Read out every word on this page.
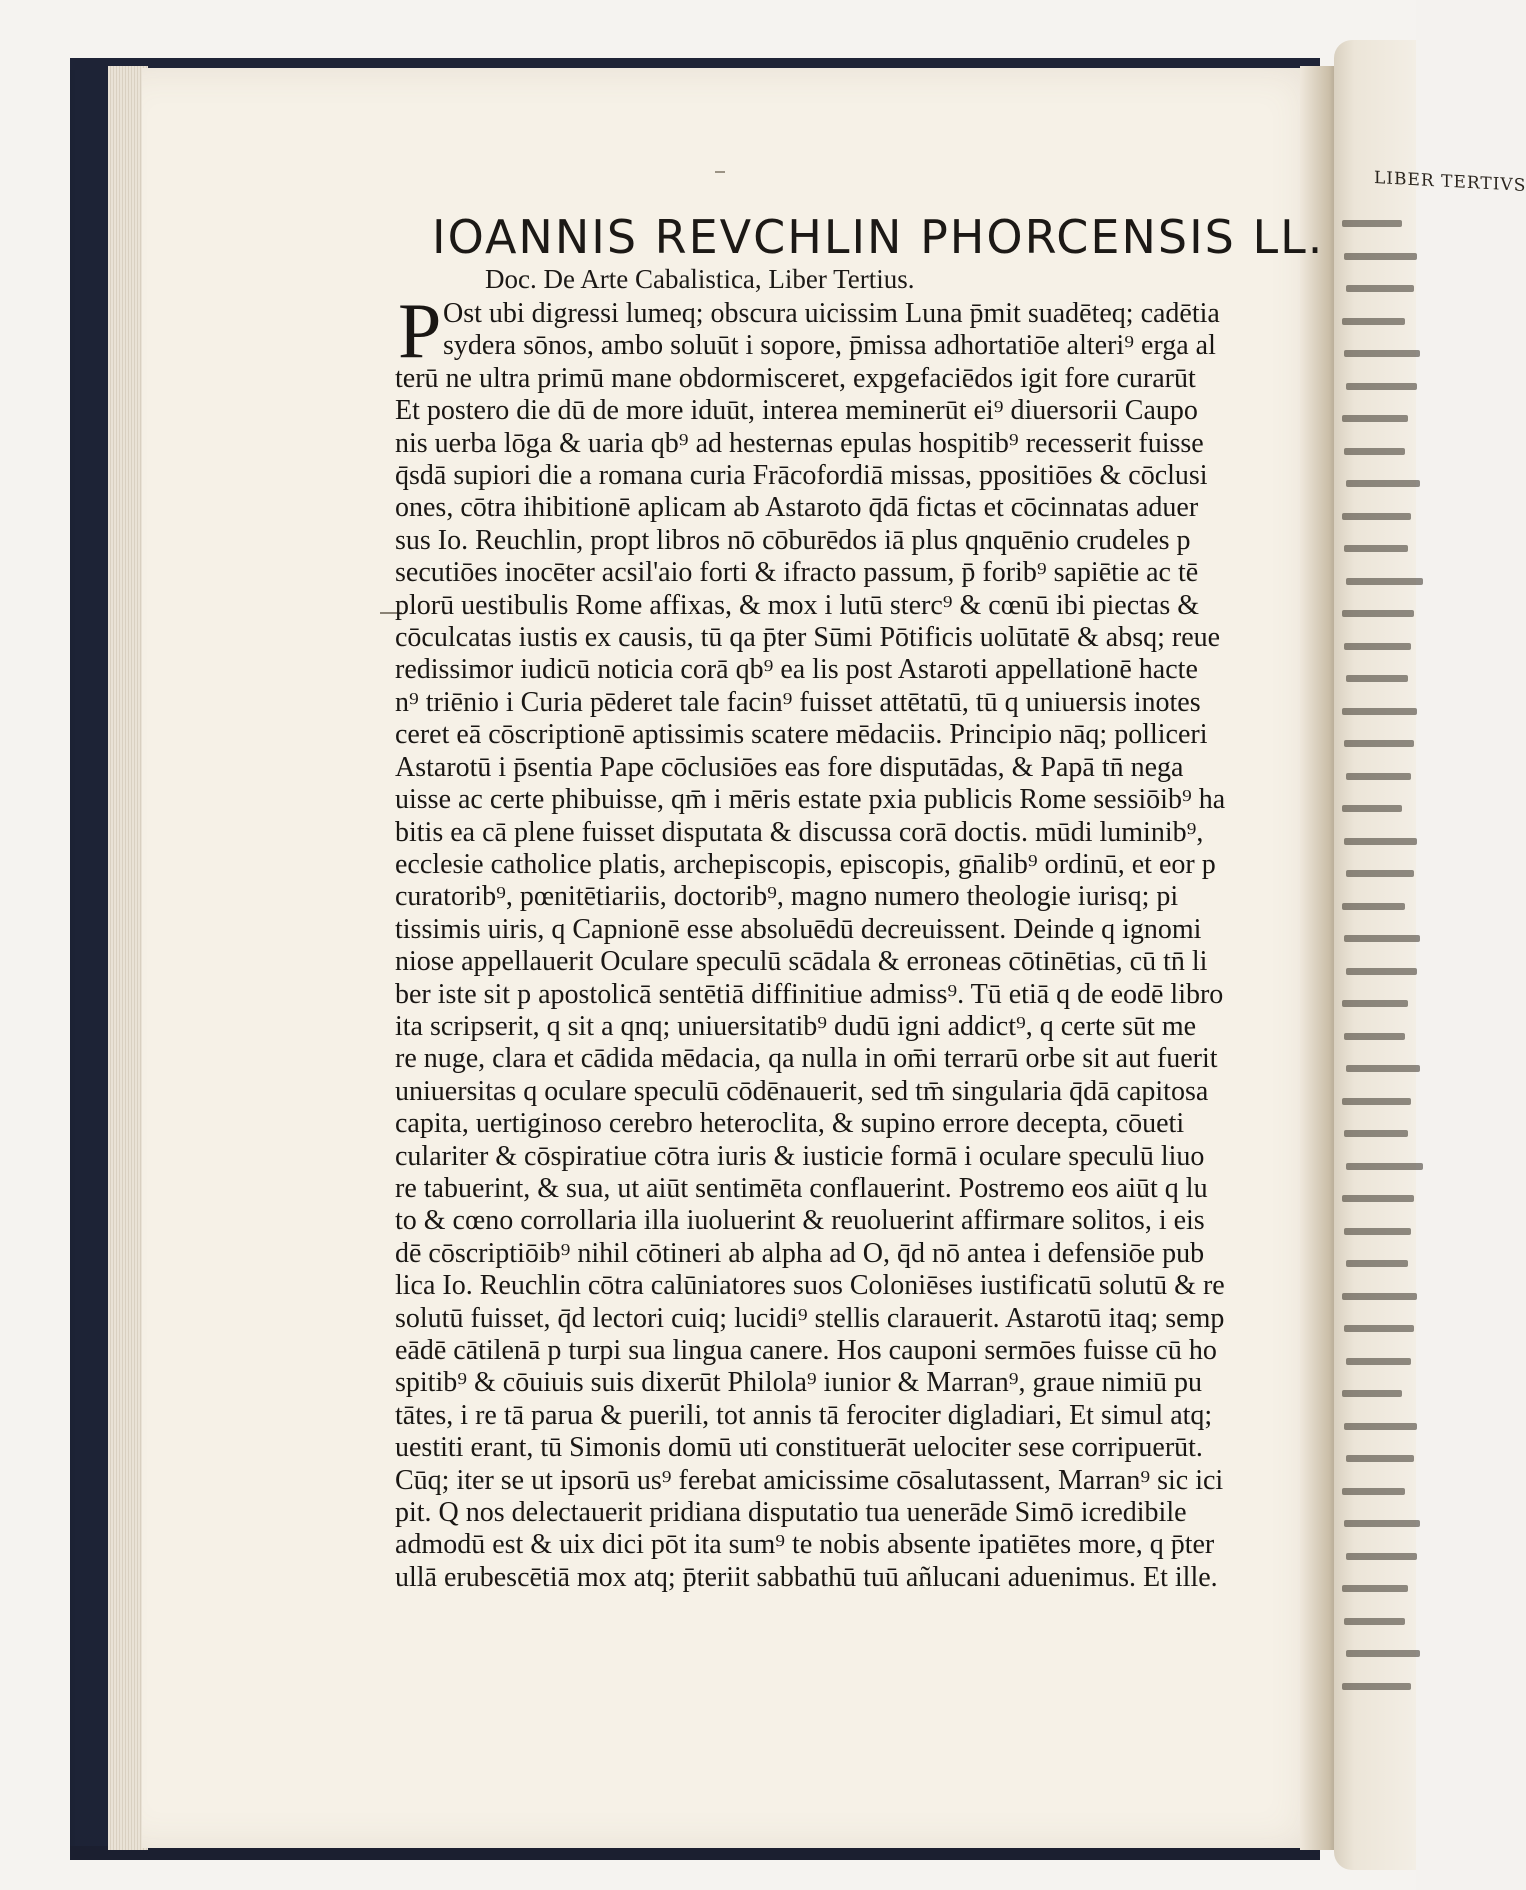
LIBER TERTIVS
IOANNIS REVCHLIN PHORCENSIS LL.
Doc. De Arte Cabalistica, Liber Tertius.
P Ost ubi digressi lumeq; obscura uicissim Luna p̄mit suadēteq; cadētia
sydera sōnos, ambo soluūt i sopore, p̄missa adhortatiōe alteri⁹ erga al
terū ne ultra primū mane obdormisceret, expgefaciēdos igit fore curarūt
Et postero die dū de more iduūt, interea meminerūt ei⁹ diuersorii Caupo
nis uerba lōga & uaria qb⁹ ad hesternas epulas hospitib⁹ recesserit fuisse
q̄sdā supiori die a romana curia Frācofordiā missas, ppositiōes & cōclusi
ones, cōtra ihibitionē aplicam ab Astaroto q̄dā fictas et cōcinnatas aduer
sus Io. Reuchlin, propt libros nō cōburēdos iā plus qnquēnio crudeles p
secutiōes inocēter acsil'aio forti & ifracto passum, p̄ forib⁹ sapiētie ac tē
plorū uestibulis Rome affixas, & mox i lutū sterc⁹ & cœnū ibi piectas &
cōculcatas iustis ex causis, tū qa p̄ter Sūmi Pōtificis uolūtatē & absq; reue
redissimor iudicū noticia corā qb⁹ ea lis post Astaroti appellationē hacte
n⁹ triēnio i Curia pēderet tale facin⁹ fuisset attētatū, tū q uniuersis inotes
ceret eā cōscriptionē aptissimis scatere mēdaciis. Principio nāq; polliceri
Astarotū i p̄sentia Pape cōclusiōes eas fore disputādas, & Papā tn̄ nega
uisse ac certe phibuisse, qm̄ i mēris estate pxia publicis Rome sessiōib⁹ ha
bitis ea cā plene fuisset disputata & discussa corā doctis. mūdi luminib⁹,
ecclesie catholice platis, archepiscopis, episcopis, gn̄alib⁹ ordinū, et eor p
curatorib⁹, pœnitētiariis, doctorib⁹, magno numero theologie iurisq; pi
tissimis uiris, q Capnionē esse absoluēdū decreuissent. Deinde q ignomi
niose appellauerit Oculare speculū scādala & erroneas cōtinētias, cū tn̄ li
ber iste sit p apostolicā sentētiā diffinitiue admiss⁹. Tū etiā q de eodē libro
ita scripserit, q sit a qnq; uniuersitatib⁹ dudū igni addict⁹, q certe sūt me
re nuge, clara et cādida mēdacia, qa nulla in om̄i terrarū orbe sit aut fuerit
uniuersitas q oculare speculū cōdēnauerit, sed tm̄ singularia q̄dā capitosa
capita, uertiginoso cerebro heteroclita, & supino errore decepta, cōueti
culariter & cōspiratiue cōtra iuris & iusticie formā i oculare speculū liuo
re tabuerint, & sua, ut aiūt sentimēta conflauerint. Postremo eos aiūt q lu
to & cœno corrollaria illa iuoluerint & reuoluerint affirmare solitos, i eis
dē cōscriptiōib⁹ nihil cōtineri ab alpha ad O, q̄d nō antea i defensiōe pub
lica Io. Reuchlin cōtra calūniatores suos Coloniēses iustificatū solutū & re
solutū fuisset, q̄d lectori cuiq; lucidi⁹ stellis clarauerit. Astarotū itaq; semp
eādē cātilenā p turpi sua lingua canere. Hos cauponi sermōes fuisse cū ho
spitib⁹ & cōuiuis suis dixerūt Philola⁹ iunior & Marran⁹, graue nimiū pu
tātes, i re tā parua & puerili, tot annis tā ferociter digladiari, Et simul atq;
uestiti erant, tū Simonis domū uti constituerāt uelociter sese corripuerūt.
Cūq; iter se ut ipsorū us⁹ ferebat amicissime cōsalutassent, Marran⁹ sic ici
pit. Q nos delectauerit pridiana disputatio tua uenerāde Simō icredibile
admodū est & uix dici pōt ita sum⁹ te nobis absente ipatiētes more, q p̄ter
ullā erubescētiā mox atq; p̄teriit sabbathū tuū añlucani aduenimus. Et ille.
